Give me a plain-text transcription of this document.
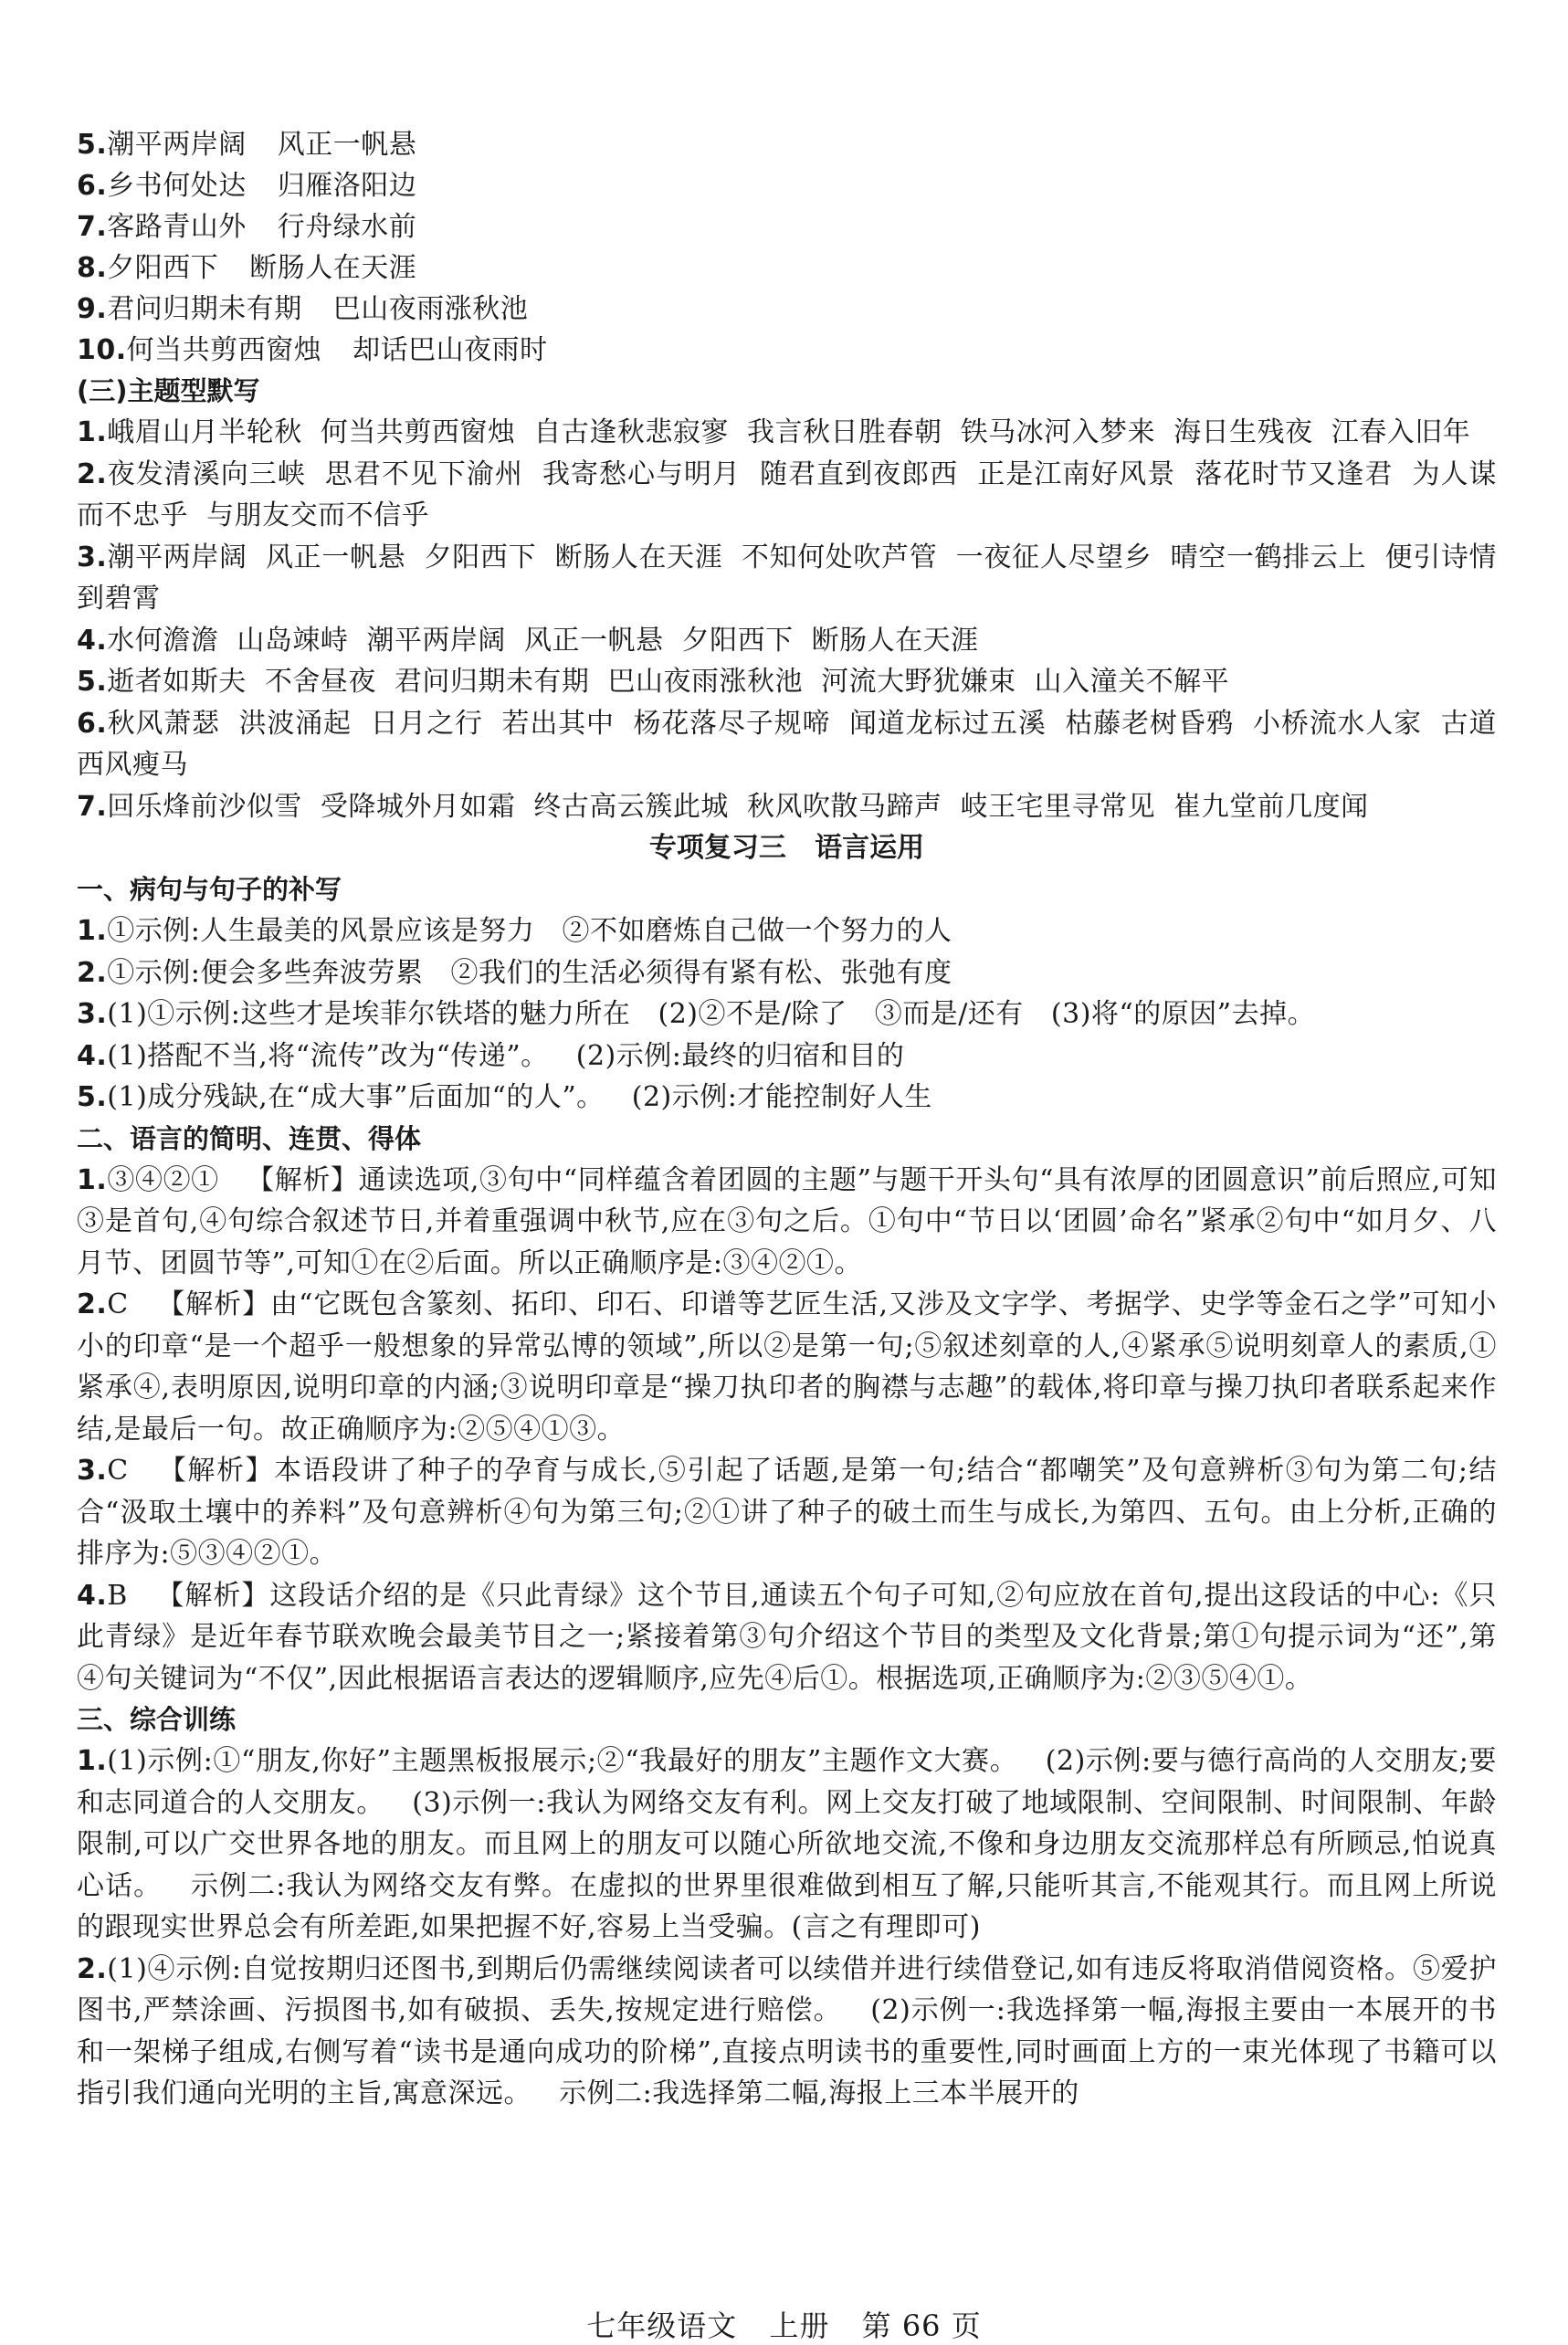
5.潮平两岸阔 风正一帆悬
6.乡书何处达 归雁洛阳边
7.客路青山外 行舟绿水前
8.夕阳西下 断肠人在天涯
9.君问归期未有期 巴山夜雨涨秋池
10.何当共剪西窗烛 却话巴山夜雨时
(三)主题型默写
1.峨眉山月半轮秋  何当共剪西窗烛  自古逢秋悲寂寥  我言秋日胜春朝  铁马冰河入梦来  海日生残夜  江春入旧年
2.夜发清溪向三峡  思君不见下渝州  我寄愁心与明月  随君直到夜郎西  正是江南好风景  落花时节又逢君  为人谋而不忠乎  与朋友交而不信乎
3.潮平两岸阔  风正一帆悬  夕阳西下  断肠人在天涯  不知何处吹芦管  一夜征人尽望乡  晴空一鹤排云上  便引诗情到碧霄
4.水何澹澹  山岛竦峙  潮平两岸阔  风正一帆悬  夕阳西下  断肠人在天涯
5.逝者如斯夫  不舍昼夜  君问归期未有期  巴山夜雨涨秋池  河流大野犹嫌束  山入潼关不解平
6.秋风萧瑟  洪波涌起  日月之行  若出其中  杨花落尽子规啼  闻道龙标过五溪  枯藤老树昏鸦  小桥流水人家  古道西风瘦马
7.回乐烽前沙似雪  受降城外月如霜  终古高云簇此城  秋风吹散马蹄声  岐王宅里寻常见  崔九堂前几度闻
专项复习三   语言运用
一、病句与句子的补写
1.①示例:人生最美的风景应该是努力   ②不如磨炼自己做一个努力的人
2.①示例:便会多些奔波劳累   ②我们的生活必须得有紧有松、张弛有度
3.(1)①示例:这些才是埃菲尔铁塔的魅力所在   (2)②不是/除了   ③而是/还有   (3)将“的原因”去掉。
4.(1)搭配不当,将“流传”改为“传递”。   (2)示例:最终的归宿和目的
5.(1)成分残缺,在“成大事”后面加“的人”。   (2)示例:才能控制好人生
二、语言的简明、连贯、得体
1.③④②①   【解析】通读选项,③句中“同样蕴含着团圆的主题”与题干开头句“具有浓厚的团圆意识”前后照应,可知③是首句,④句综合叙述节日,并着重强调中秋节,应在③句之后。①句中“节日以‘团圆’命名”紧承②句中“如月夕、八月节、团圆节等”,可知①在②后面。所以正确顺序是:③④②①。
2.C   【解析】由“它既包含篆刻、拓印、印石、印谱等艺匠生活,又涉及文字学、考据学、史学等金石之学”可知小小的印章“是一个超乎一般想象的异常弘博的领域”,所以②是第一句;⑤叙述刻章的人,④紧承⑤说明刻章人的素质,①紧承④,表明原因,说明印章的内涵;③说明印章是“操刀执印者的胸襟与志趣”的载体,将印章与操刀执印者联系起来作结,是最后一句。故正确顺序为:②⑤④①③。
3.C   【解析】本语段讲了种子的孕育与成长,⑤引起了话题,是第一句;结合“都嘲笑”及句意辨析③句为第二句;结合“汲取土壤中的养料”及句意辨析④句为第三句;②①讲了种子的破土而生与成长,为第四、五句。由上分析,正确的排序为:⑤③④②①。
4.B   【解析】这段话介绍的是《只此青绿》这个节目,通读五个句子可知,②句应放在首句,提出这段话的中心:《只此青绿》是近年春节联欢晚会最美节目之一;紧接着第③句介绍这个节目的类型及文化背景;第①句提示词为“还”,第④句关键词为“不仅”,因此根据语言表达的逻辑顺序,应先④后①。根据选项,正确顺序为:②③⑤④①。
三、综合训练
1.(1)示例:①“朋友,你好”主题黑板报展示;②“我最好的朋友”主题作文大赛。   (2)示例:要与德行高尚的人交朋友;要和志同道合的人交朋友。   (3)示例一:我认为网络交友有利。网上交友打破了地域限制、空间限制、时间限制、年龄限制,可以广交世界各地的朋友。而且网上的朋友可以随心所欲地交流,不像和身边朋友交流那样总有所顾忌,怕说真心话。   示例二:我认为网络交友有弊。在虚拟的世界里很难做到相互了解,只能听其言,不能观其行。而且网上所说的跟现实世界总会有所差距,如果把握不好,容易上当受骗。(言之有理即可)
2.(1)④示例:自觉按期归还图书,到期后仍需继续阅读者可以续借并进行续借登记,如有违反将取消借阅资格。⑤爱护图书,严禁涂画、污损图书,如有破损、丢失,按规定进行赔偿。   (2)示例一:我选择第一幅,海报主要由一本展开的书和一架梯子组成,右侧写着“读书是通向成功的阶梯”,直接点明读书的重要性,同时画面上方的一束光体现了书籍可以指引我们通向光明的主旨,寓意深远。   示例二:我选择第二幅,海报上三本半展开的
七年级语文 上册 第 66 页
